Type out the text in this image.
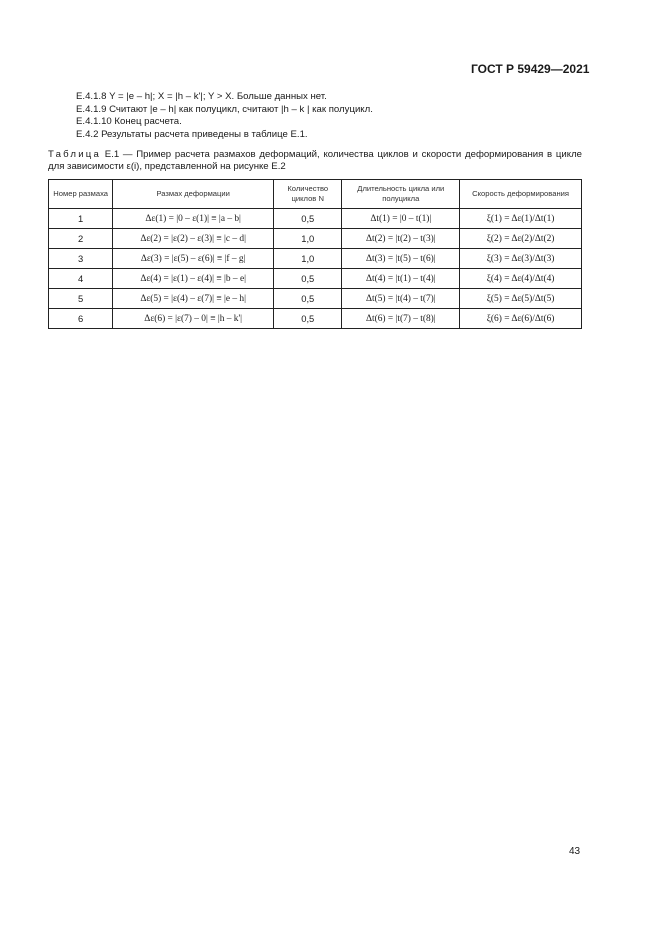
ГОСТ Р 59429—2021
Е.4.1.8 Y = |e – h|; X = |h – k'|; Y > X. Больше данных нет.
Е.4.1.9 Считают |e – h| как полуцикл, считают |h – k | как полуцикл.
Е.4.1.10 Конец расчета.
Е.4.2 Результаты расчета приведены в таблице Е.1.
Таблица Е.1 — Пример расчета размахов деформаций, количества циклов и скорости деформирования в цикле для зависимости ε(i), представленной на рисунке Е.2
Номер размаха	Размах деформации	Количество циклов N	Длительность цикла или полуцикла	Скорость деформирования
1	Δε(1) = |0 – ε(1)| ≡ |a – b|	0,5	Δt(1) = |0 – t(1)|	ξ(1) = Δε(1)/Δt(1)
2	Δε(2) = |ε(2) – ε(3)| ≡ |c – d|	1,0	Δt(2) = |t(2) – t(3)|	ξ(2) = Δε(2)/Δt(2)
3	Δε(3) = |ε(5) – ε(6)| ≡ |f – g|	1,0	Δt(3) = |t(5) – t(6)|	ξ(3) = Δε(3)/Δt(3)
4	Δε(4) = |ε(1) – ε(4)| ≡ |b – e|	0,5	Δt(4) = |t(1) – t(4)|	ξ(4) = Δε(4)/Δt(4)
5	Δε(5) = |ε(4) – ε(7)| ≡ |e – h|	0,5	Δt(5) = |t(4) – t(7)|	ξ(5) = Δε(5)/Δt(5)
6	Δε(6) = |ε(7) – 0| ≡ |h – k'|	0,5	Δt(6) = |t(7) – t(8)|	ξ(6) = Δε(6)/Δt(6)
43
